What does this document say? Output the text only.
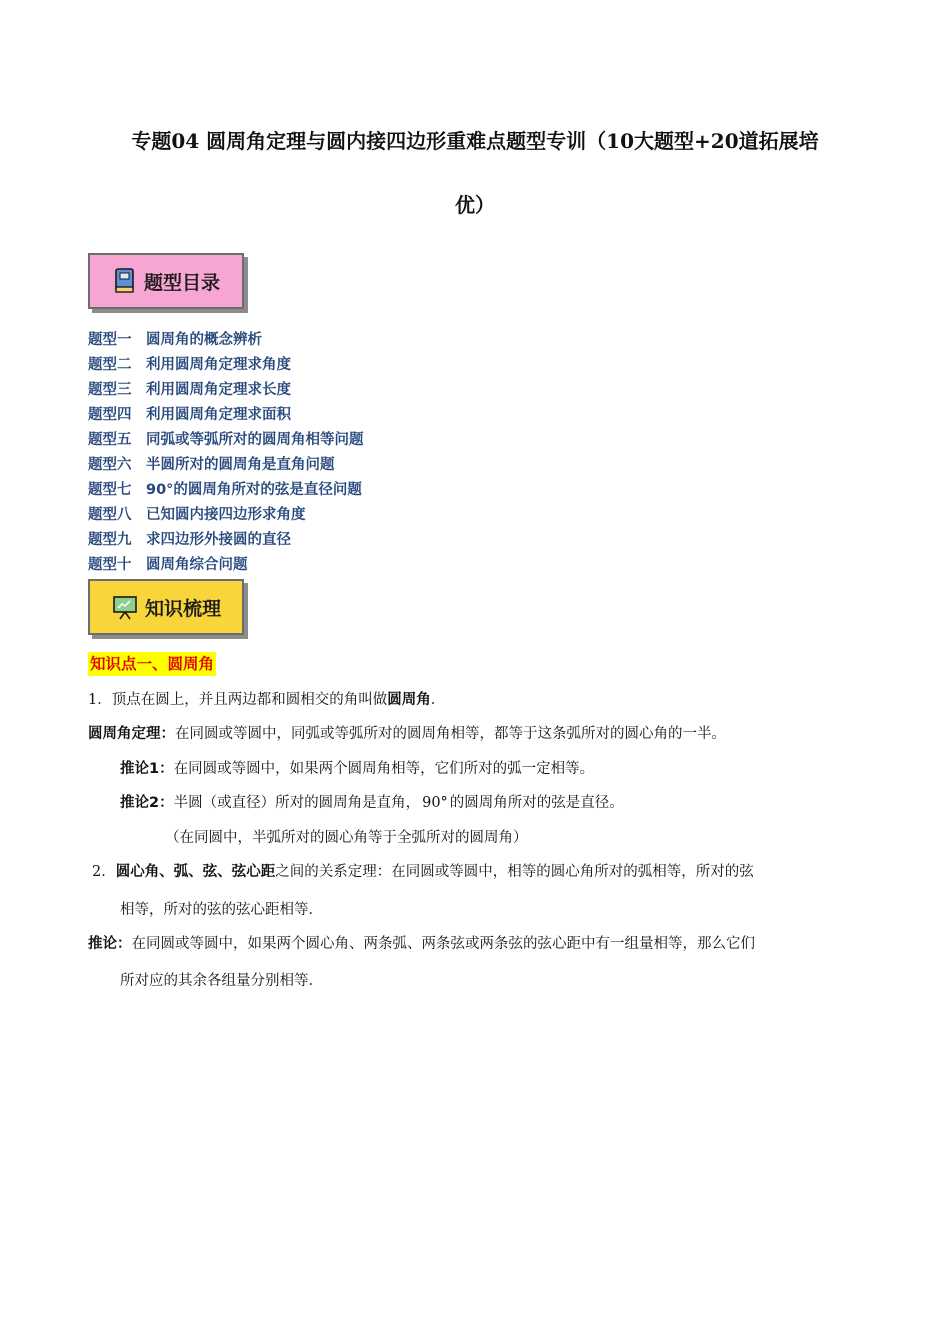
专题04 圆周角定理与圆内接四边形重难点题型专训（10大题型+20道拓展培
优）
题型目录
题型一 圆周角的概念辨析
题型二 利用圆周角定理求角度
题型三 利用圆周角定理求长度
题型四 利用圆周角定理求面积
题型五 同弧或等弧所对的圆周角相等问题
题型六 半圆所对的圆周角是直角问题
题型七 90°的圆周角所对的弦是直径问题
题型八 已知圆内接四边形求角度
题型九 求四边形外接圆的直径
题型十 圆周角综合问题
知识梳理
知识点一、圆周角
1．顶点在圆上，并且两边都和圆相交的角叫做圆周角．
圆周角定理：在同圆或等圆中，同弧或等弧所对的圆周角相等，都等于这条弧所对的圆心角的一半。
推论1：在同圆或等圆中，如果两个圆周角相等，它们所对的弧一定相等。
推论2：半圆（或直径）所对的圆周角是直角， 90° 的圆周角所对的弦是直径。
（在同圆中，半弧所对的圆心角等于全弧所对的圆周角）
2．圆心角、弧、弦、弦心距之间的关系定理：在同圆或等圆中，相等的圆心角所对的弧相等，所对的弦
相等，所对的弦的弦心距相等．
推论：在同圆或等圆中，如果两个圆心角、两条弧、两条弦或两条弦的弦心距中有一组量相等，那么它们
所对应的其余各组量分别相等．
